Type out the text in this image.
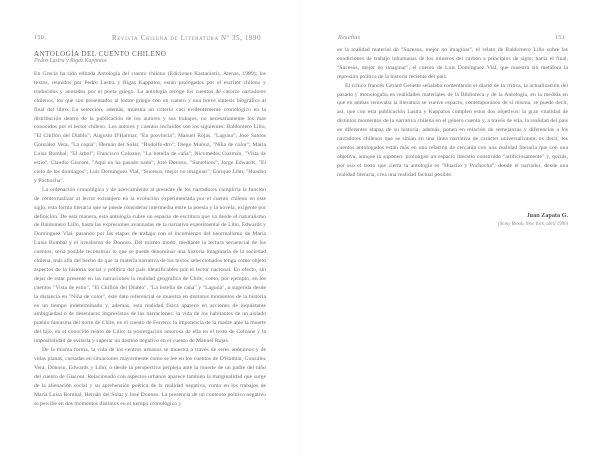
150	Revista Chilena de Literatura Nº 35, 1990
ANTOLOGÍA DEL CUENTO CHILENO
Pedro Lastra y Rigas Kappatos

En Grecia ha sido editada Antología del cuento chileno (Ediciones Kastaniotis, Atenas, 1989); los textos, reunidos por Pedro Lastra y Rigas Kappatos, están prologados por el escritor chileno y traducidos y anotados por el poeta griego. La antología recoge los cuentos de catorce narradores chilenos, los que son presentados al lector griego con un cuento y una breve síntesis biográfica al final del libro. La selección, además, muestra un criterio casi evidentemente cronológico en la distribución dentro de la publicación de los autores y sus trabajos, no necesariamente los más conocidos por el lector chileno. Los autores y cuentos incluidos son los siguientes: Baldomero Lillo, "El Chiflón del Diablo"; Augusto D'Halmar, "En provincia"; Manuel Rojas, "Laguna"; José Santos González Vera, "La copia"; Hernán del Solar, "Rodolfo-dro"; Diego Muñoz, "Niña de color"; María Luisa Bombal, "El árbol"; Francisco Coloane, "La botella de caña"; Nicomedes Guzmán, "Vista de estío"; Claudio Giaconi, "Aquí no ha pasado nada"; José Donoso, "Santelices"; Jorge Edwards, "El cielo de los domingos"; Luis Domínguez Vial, "Sucesos, mejor no imaginar"; Enrique Lihn, "Huacho y Pochocha".

La ordenación cronológica y de acercamiento al presente de los narradores cumpliría la función de contextualizar al lector extranjero en la evolución experimentada por el cuento chileno en este siglo, esta forma literaria que se puede considerar intermedia entre la poesía y la novela, exigente por definición. De esta manera, esta antología cubre un espacio de escritura que va desde el naturalismo de Baldomero Lillo, hasta las expresiones avanzadas de la narrativa experimental de Lihn, Edwards y Domínguez Vial, pasando por las etapas de trabajo con el incomienzo del neorrealismo de María Luisa Bombal y el irrealismo de Donoso. Del mismo modo, mediante la lectura secuencial de los cuentos, sería posible reconstruir lo que se puede denominar una historia imaginaria de la sociedad chilena, más allá del hecho de que la materia narrativa de los textos seleccionados tenga como objeto aspectos de la historia social y política del país identificables por el lector nacional. En efecto, sin dejar de estar presente en las narraciones la realidad geográfica de Chile, como, por ejemplo, en los cuentos "Vista de estío", "El Chiflón del Diablo", "La botella de caña" y "Laguna", o sugerida desde la distancia en "Niña de color", este dato referencial se muestra en distintos momentos de la historia en un tiempo indeterminado y, además, esta realidad física aparece en acciones de inquietante ambigüedad o de desenlaces imprevistos de las narraciones: la vida de los habitantes de un aislado pueblo fantasma del norte de Chile, en el cuento de Ferrero; la impotencia de la madre ante la muerte del hijo, en el conocido relato de Lillo; la postergación amorosa de ella en el texto de Coloane y la imposibilidad de evitarla y superar un destino negativo en el cuento de Manuel Rojas.

De la misma forma, la vida de los centros urbanos se muestra a través de seres anónimos y de vidas planas, cursadas en situaciones mayormente como se lee en los cuentos de D'Halmar, González Vera, Donoso, Edwards y Lihn, o desde la perspectiva perpleja ante la muerte de un padre del niño del cuento de Giaconi. Relacionado con aspectos urbanos aparece también la marginalidad que surge de la alienación social y su aprehensión poética de la realidad negativa, como en los trabajos de María Luisa Bombal, Hernán del Solar y José Donoso. La presencia de un contexto político negativo se percibe en dos momentos distintos en el tiempo cronológico y

Reseñas	151

en la realidad material de "Sucesos, mejor no imaginar", el relato de Baldomero Lillo sobre las condiciones de trabajo inhumanas de los mineros del carbón a principios de siglo; hacia el final, "Sucesos, mejor no imaginar", el cuento de Luis Domínguez Vial, que muestra sin metáfora la represión política de la historia reciente del país.

El crítico francés Gérard Genette señalaba comentando el diario de la crítica, la actualización del pasado y monologaba en realidades materiales de la Biblioteca y de la Antología, en la medida en que en ambas renovaba la literatura se vuelve espacio, contemporánea de sí misma, se puede decir, así, que con esta publicación Lastra y Kappatos cumplen estos dos objetivos: la gran vitalidad de distintos momentos de la narrativa chilena en el género cuento y, a través de ella, la realidad del país en diferentes etapas de su historia; además, ponen en relación de semejanzas y diferencias a los narradores chilenos que se sitúan en una línea narrativa de carácter universalizante; es decir, los cuentos antologados están más en una relación de cercanía con una realidad literaria que con una objetiva, aunque la suponen: prolongan un espacio literario construido "artificiosamente" y, quizás, por eso el texto que cierra la antología es "Huacho y Pochocha", donde el narrador, desde una realidad literaria, crea una realidad factual posible.

Juan Zapata G.
(Stony Brook, New York, abril 1990)
